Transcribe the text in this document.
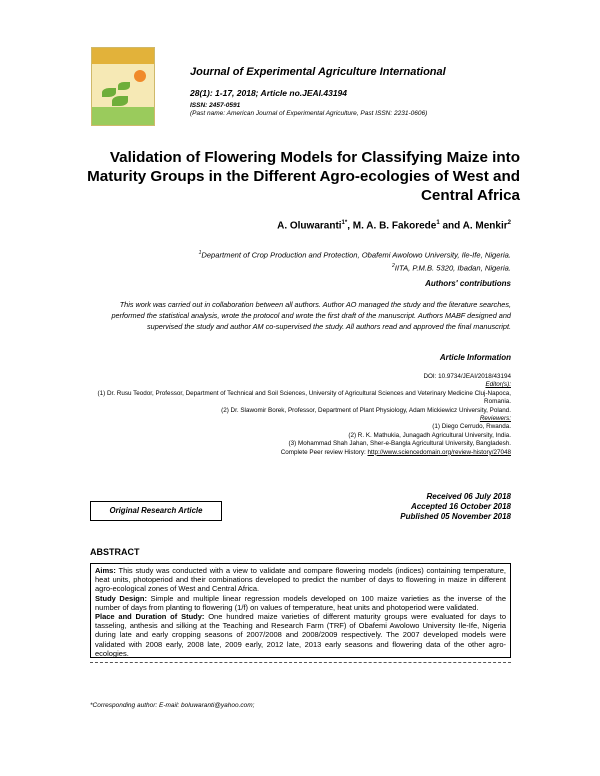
Journal of Experimental Agriculture International
28(1): 1-17, 2018; Article no.JEAI.43194
ISSN: 2457-0591
(Past name: American Journal of Experimental Agriculture, Past ISSN: 2231-0606)
Validation of Flowering Models for Classifying Maize into Maturity Groups in the Different Agro-ecologies of West and Central Africa
A. Oluwaranti$^{1*}$, M. A. B. Fakorede$^1$ and A. Menkir$^2$
$^1$Department of Crop Production and Protection, Obafemi Awolowo University, Ile-Ife, Nigeria.
$^2$IITA, P.M.B. 5320, Ibadan, Nigeria.
Authors' contributions
This work was carried out in collaboration between all authors. Author AO managed the study and the literature searches, performed the statistical analysis, wrote the protocol and wrote the first draft of the manuscript. Authors MABF designed and supervised the study and author AM co-supervised the study. All authors read and approved the final manuscript.
Article Information
DOI: 10.9734/JEAI/2018/43194
Editor(s):
(1) Dr. Rusu Teodor, Professor, Department of Technical and Soil Sciences, University of Agricultural Sciences and Veterinary Medicine Cluj-Napoca, Romania.
(2) Dr. Slawomir Borek, Professor, Department of Plant Physiology, Adam Mickiewicz University, Poland.
Reviewers:
(1) Diego Cerrudo, Rwanda.
(2) R. K. Mathukia, Junagadh Agricultural University, India.
(3) Mohammad Shah Jahan, Sher-e-Bangla Agricultural University, Bangladesh.
Complete Peer review History: http://www.sciencedomain.org/review-history/27048
Original Research Article
Received 06 July 2018
Accepted 16 October 2018
Published 05 November 2018
ABSTRACT
Aims: This study was conducted with a view to validate and compare flowering models (indices) containing temperature, heat units, photoperiod and their combinations developed to predict the number of days to flowering in maize in different agro-ecological zones of West and Central Africa.
Study Design: Simple and multiple linear regression models developed on 100 maize varieties as the inverse of the number of days from planting to flowering (1/f) on values of temperature, heat units and photoperiod were validated.
Place and Duration of Study: One hundred maize varieties of different maturity groups were evaluated for days to tasseling, anthesis and silking at the Teaching and Research Farm (TRF) of Obafemi Awolowo University Ile-Ife, Nigeria during late and early cropping seasons of 2007/2008 and 2008/2009 respectively. The 2007 developed models were validated with 2008 early, 2008 late, 2009 early, 2012 late, 2013 early seasons and flowering data of the other agro-ecologies.
*Corresponding author: E-mail: boluwaranti@yahoo.com;
